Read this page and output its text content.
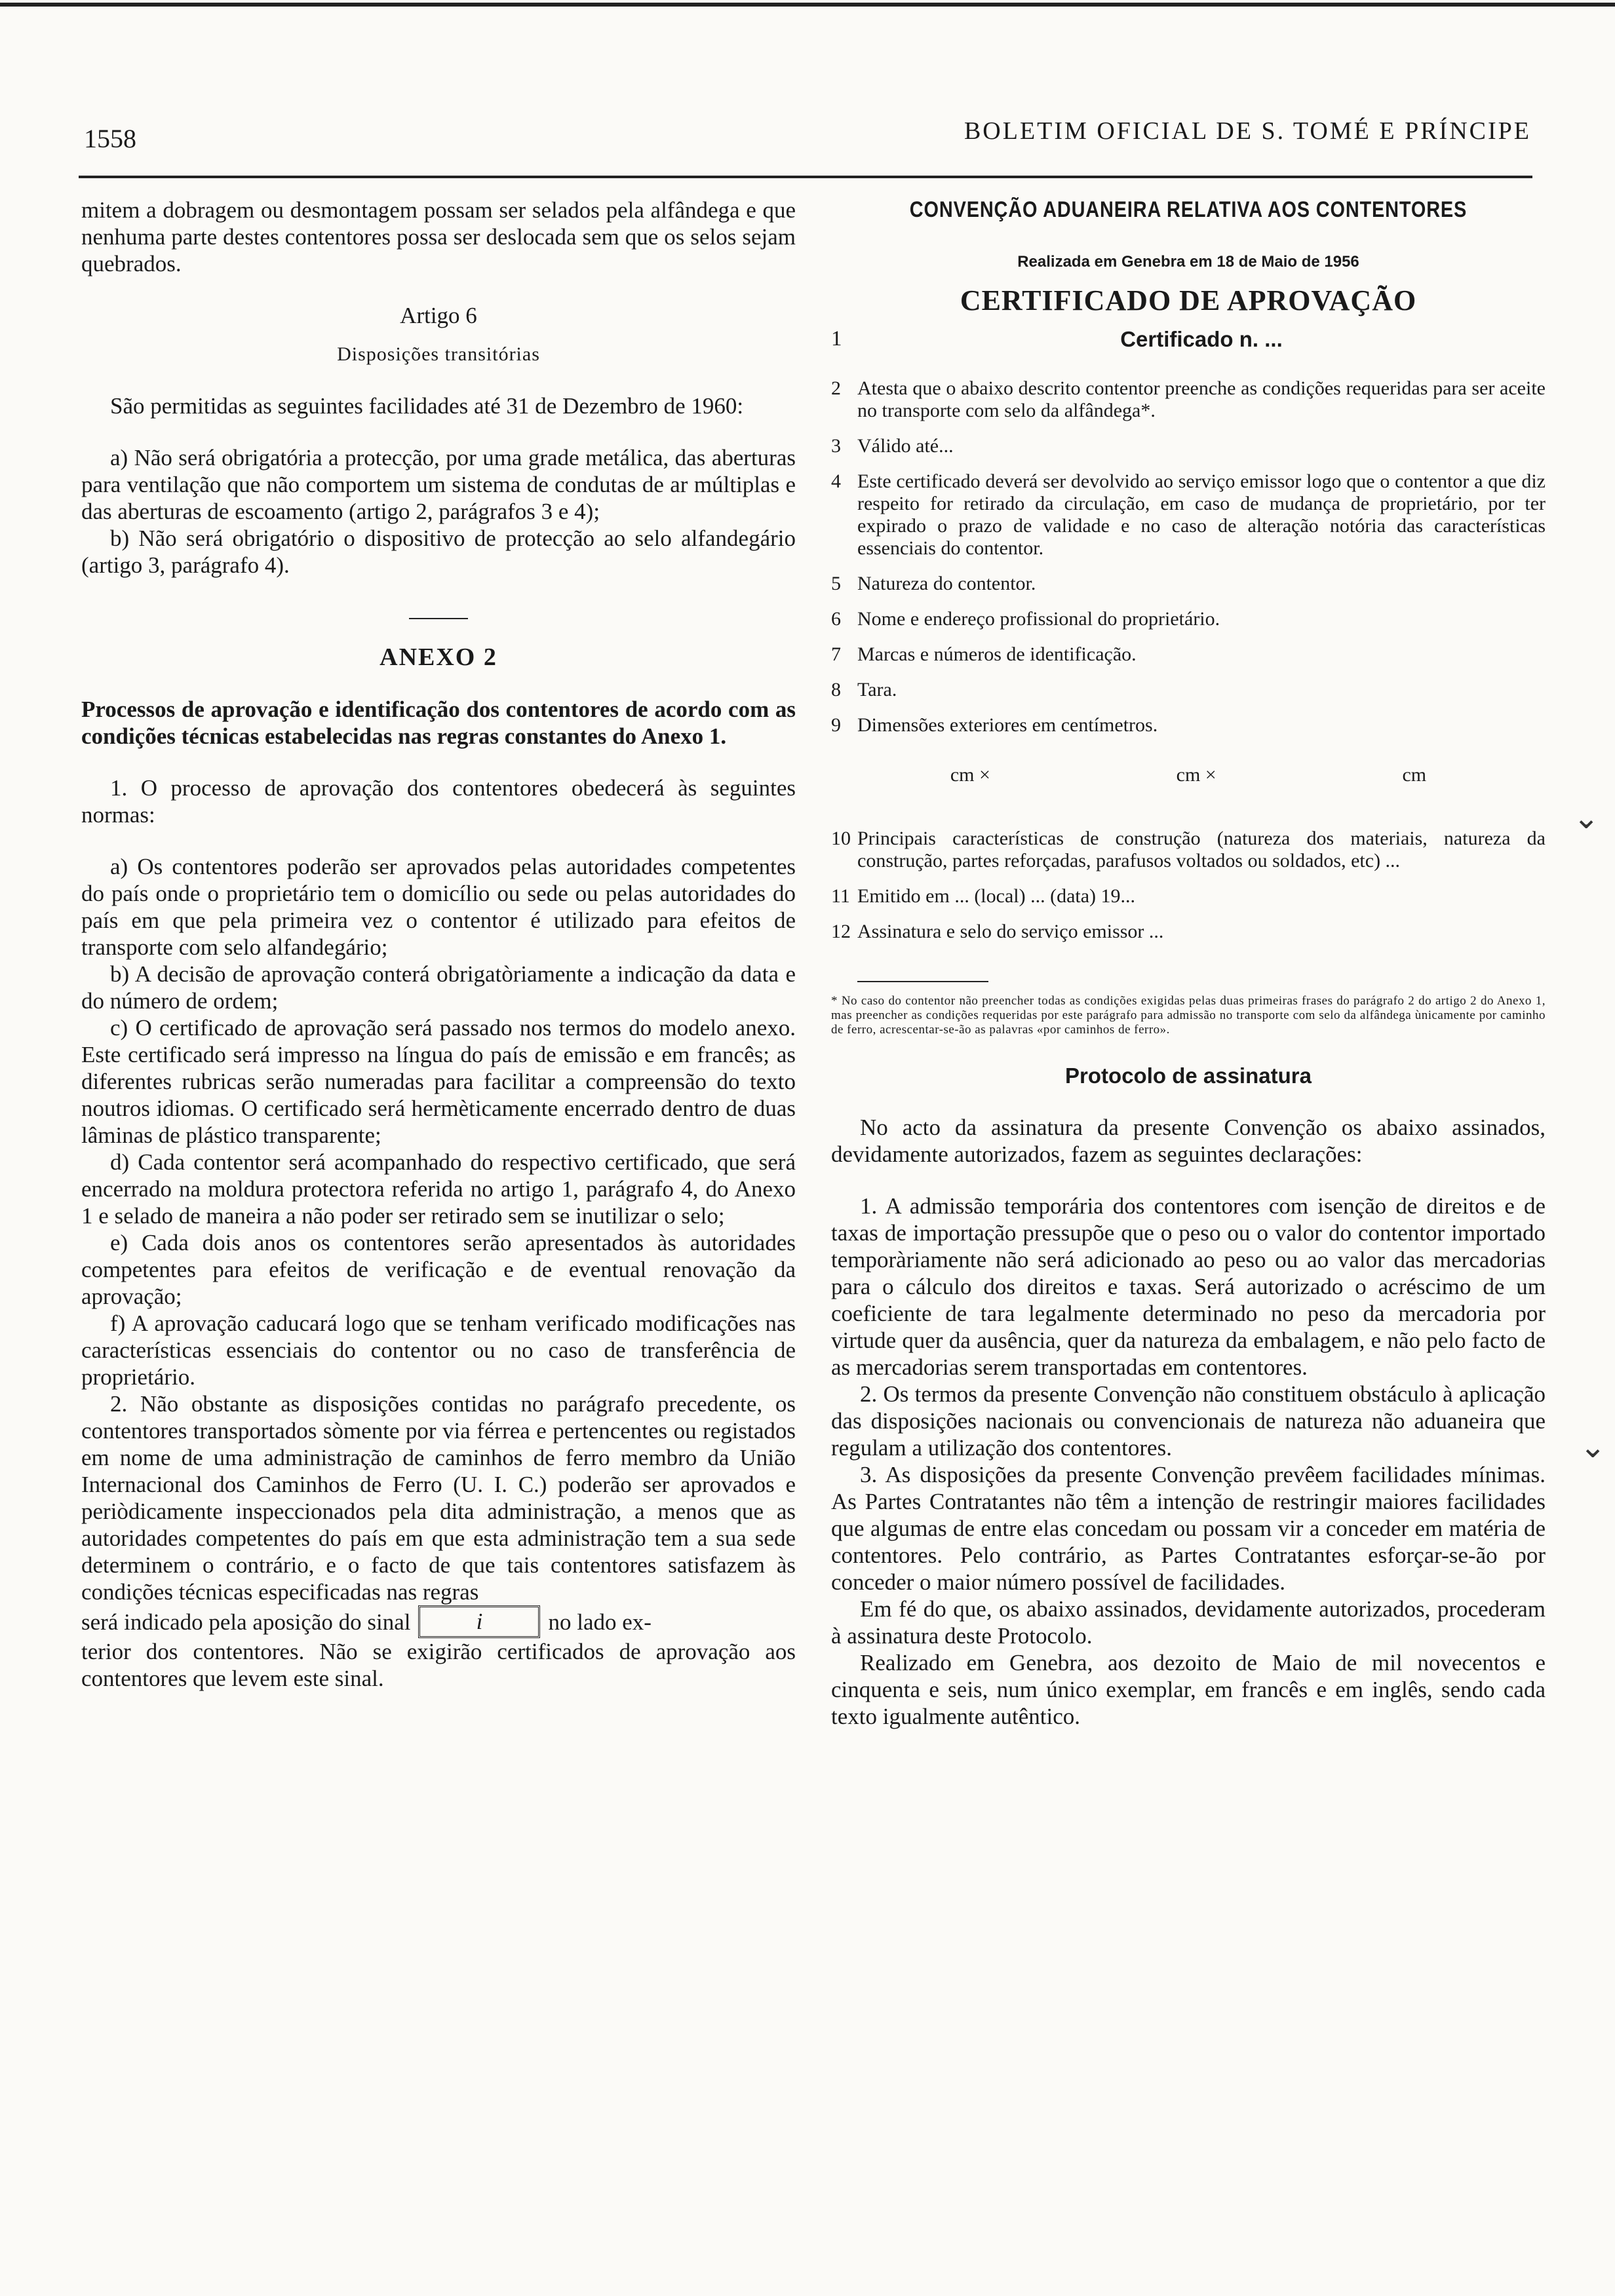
1558	BOLETIM OFICIAL DE S. TOMÉ E PRÍNCIPE

mitem a dobragem ou desmontagem possam ser selados pela alfândega e que nenhuma parte destes contentores possa ser deslocada sem que os selos sejam quebrados.

Artigo 6

Disposições transitórias

São permitidas as seguintes facilidades até 31 de Dezembro de 1960:

a) Não será obrigatória a protecção, por uma grade metálica, das aberturas para ventilação que não comportem um sistema de condutas de ar múltiplas e das aberturas de escoamento (artigo 2, parágrafos 3 e 4);

b) Não será obrigatório o dispositivo de protecção ao selo alfandegário (artigo 3, parágrafo 4).

ANEXO 2

Processos de aprovação e identificação dos contentores de acordo com as condições técnicas estabelecidas nas regras constantes do Anexo 1.

1. O processo de aprovação dos contentores obedecerá às seguintes normas:

a) Os contentores poderão ser aprovados pelas autoridades competentes do país onde o proprietário tem o domicílio ou sede ou pelas autoridades do país em que pela primeira vez o contentor é utilizado para efeitos de transporte com selo alfandegário;

b) A decisão de aprovação conterá obrigatòriamente a indicação da data e do número de ordem;

c) O certificado de aprovação será passado nos termos do modelo anexo. Este certificado será impresso na língua do país de emissão e em francês; as diferentes rubricas serão numeradas para facilitar a compreensão do texto noutros idiomas. O certificado será hermèticamente encerrado dentro de duas lâminas de plástico transparente;

d) Cada contentor será acompanhado do respectivo certificado, que será encerrado na moldura protectora referida no artigo 1, parágrafo 4, do Anexo 1 e selado de maneira a não poder ser retirado sem se inutilizar o selo;

e) Cada dois anos os contentores serão apresentados às autoridades competentes para efeitos de verificação e de eventual renovação da aprovação;

f) A aprovação caducará logo que se tenham verificado modificações nas características essenciais do contentor ou no caso de transferência de proprietário.

2. Não obstante as disposições contidas no parágrafo precedente, os contentores transportados sòmente por via férrea e pertencentes ou registados em nome de uma administração de caminhos de ferro membro da União Internacional dos Caminhos de Ferro (U. I. C.) poderão ser aprovados e periòdicamente inspeccionados pela dita administração, a menos que as autoridades competentes do país em que esta administração tem a sua sede determinem o contrário, e o facto de que tais contentores satisfazem às condições técnicas especificadas nas regras

será indicado pela aposição do sinal	i	no lado ex-

terior dos contentores. Não se exigirão certificados de aprovação aos contentores que levem este sinal.

CONVENÇÃO ADUANEIRA RELATIVA AOS CONTENTORES

Realizada em Genebra em 18 de Maio de 1956

CERTIFICADO DE APROVAÇÃO

1	Certificado n. ...
2 Atesta que o abaixo descrito contentor preenche as condições requeridas para ser aceite no transporte com selo da alfândega*.
3 Válido até...
4 Este certificado deverá ser devolvido ao serviço emissor logo que o contentor a que diz respeito for retirado da circulação, em caso de mudança de proprietário, por ter expirado o prazo de validade e no caso de alteração notória das características essenciais do contentor.
5 Natureza do contentor.
6 Nome e endereço profissional do proprietário.
7 Marcas e números de identificação.
8 Tara.
9 Dimensões exteriores em centímetros.
cm ×	cm ×	cm
10 Principais características de construção (natureza dos materiais, natureza da construção, partes reforçadas, parafusos voltados ou soldados, etc) ...
11 Emitido em ... (local) ... (data) 19...
12 Assinatura e selo do serviço emissor ...

* No caso do contentor não preencher todas as condições exigidas pelas duas primeiras frases do parágrafo 2 do artigo 2 do Anexo 1, mas preencher as condições requeridas por este parágrafo para admissão no transporte com selo da alfândega ùnicamente por caminho de ferro, acrescentar-se-ão as palavras «por caminhos de ferro».

Protocolo de assinatura

No acto da assinatura da presente Convenção os abaixo assinados, devidamente autorizados, fazem as seguintes declarações:

1. A admissão temporária dos contentores com isenção de direitos e de taxas de importação pressupõe que o peso ou o valor do contentor importado temporàriamente não será adicionado ao peso ou ao valor das mercadorias para o cálculo dos direitos e taxas. Será autorizado o acréscimo de um coeficiente de tara legalmente determinado no peso da mercadoria por virtude quer da ausência, quer da natureza da embalagem, e não pelo facto de as mercadorias serem transportadas em contentores.

2. Os termos da presente Convenção não constituem obstáculo à aplicação das disposições nacionais ou convencionais de natureza não aduaneira que regulam a utilização dos contentores.

3. As disposições da presente Convenção prevêem facilidades mínimas. As Partes Contratantes não têm a intenção de restringir maiores facilidades que algumas de entre elas concedam ou possam vir a conceder em matéria de contentores. Pelo contrário, as Partes Contratantes esforçar-se-ão por conceder o maior número possível de facilidades.

Em fé do que, os abaixo assinados, devidamente autorizados, procederam à assinatura deste Protocolo.

Realizado em Genebra, aos dezoito de Maio de mil novecentos e cinquenta e seis, num único exemplar, em francês e em inglês, sendo cada texto igualmente autêntico.

⌄
⌄
